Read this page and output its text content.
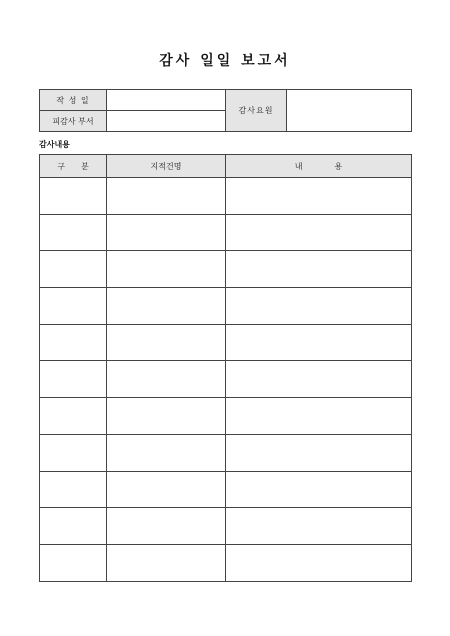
감사 일일 보고서
작 성 일		감사요원	
피감사 부서			
감사내용
구　　분	지적건명	내　　　　용
